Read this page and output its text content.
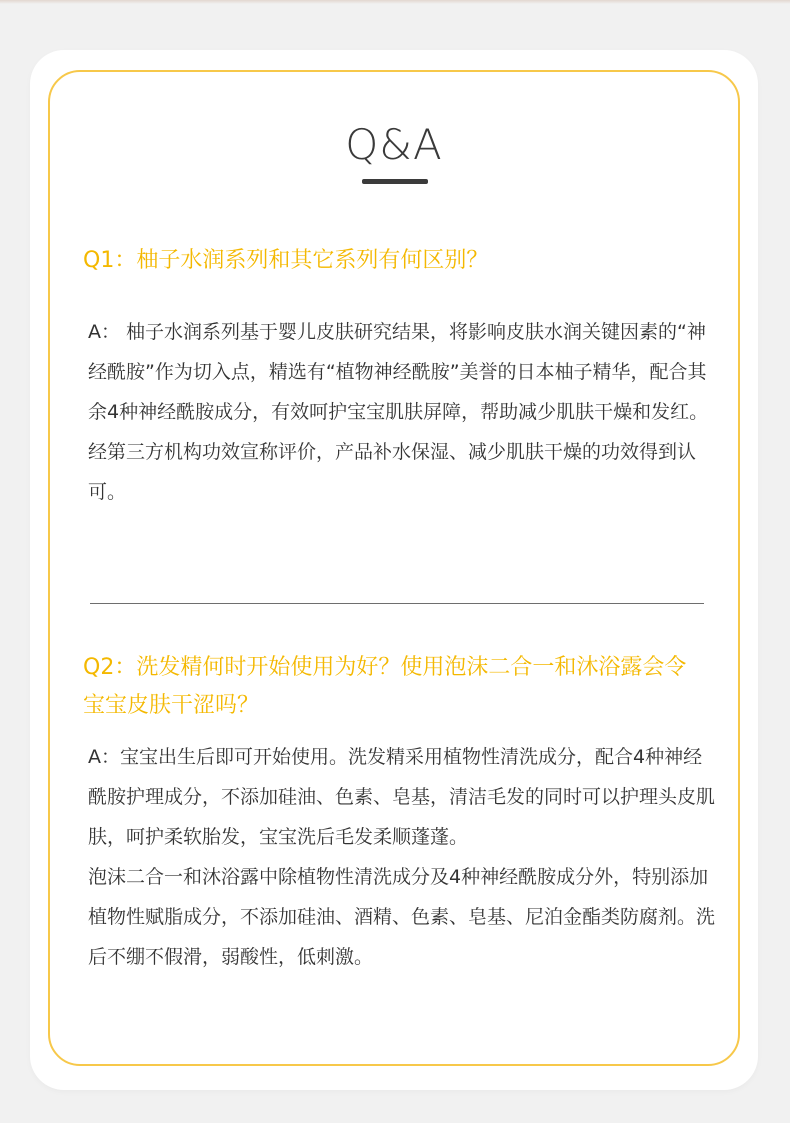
Q&A
Q1：柚子水润系列和其它系列有何区别？

A： 柚子水润系列基于婴儿皮肤研究结果，将影响皮肤水润关键因素的“神经酰胺”作为切入点，精选有“植物神经酰胺”美誉的日本柚子精华，配合其余4种神经酰胺成分，有效呵护宝宝肌肤屏障，帮助减少肌肤干燥和发红。

经第三方机构功效宣称评价，产品补水保湿、减少肌肤干燥的功效得到认可。

Q2：洗发精何时开始使用为好？使用泡沫二合一和沐浴露会令宝宝皮肤干涩吗？

A：宝宝出生后即可开始使用。洗发精采用植物性清洗成分，配合4种神经酰胺护理成分，不添加硅油、色素、皂基，清洁毛发的同时可以护理头皮肌肤，呵护柔软胎发，宝宝洗后毛发柔顺蓬蓬。

泡沫二合一和沐浴露中除植物性清洗成分及4种神经酰胺成分外，特别添加植物性赋脂成分，不添加硅油、酒精、色素、皂基、尼泊金酯类防腐剂。洗后不绷不假滑，弱酸性，低刺激。
